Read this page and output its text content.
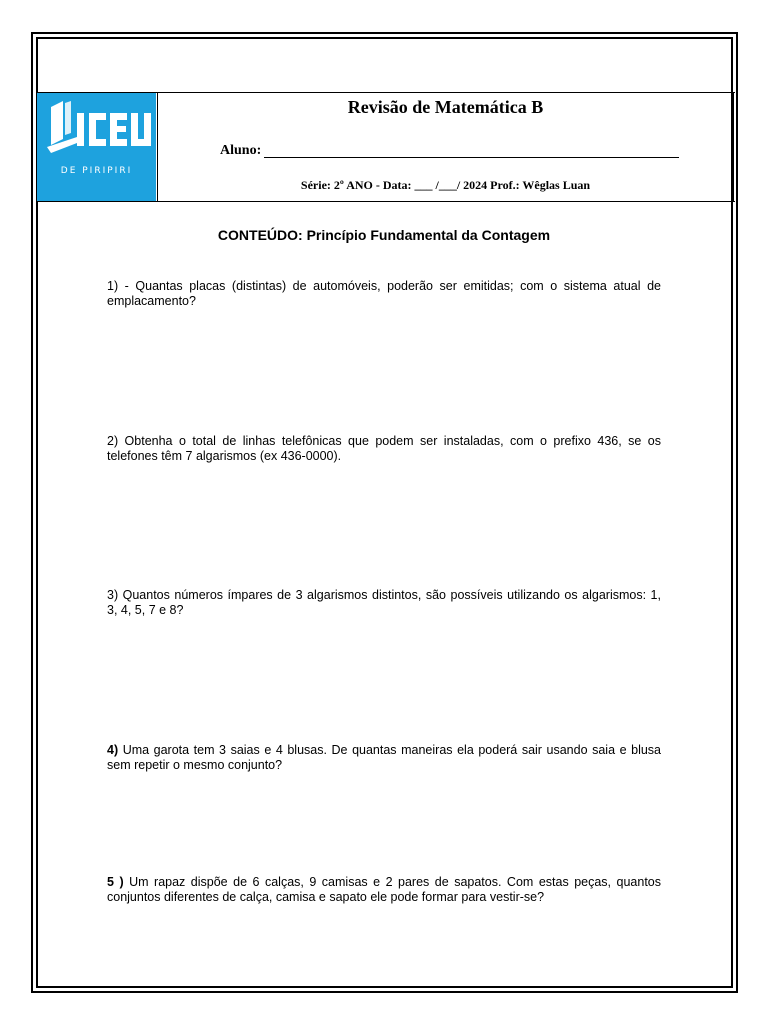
DE PIRIPIRI
Revisão de Matemática B
Aluno:
Série: 2º ANO - Data: ___ /___/ 2024 Prof.: Wêglas Luan
CONTEÚDO: Princípio Fundamental da Contagem
1) - Quantas placas (distintas) de automóveis, poderão ser emitidas; com o sistema atual de emplacamento?
2) Obtenha o total de linhas telefônicas que podem ser instaladas, com o prefixo 436, se os telefones têm 7 algarismos (ex 436-0000).
3) Quantos números ímpares de 3 algarismos distintos, são possíveis utilizando os algarismos: 1, 3, 4, 5, 7 e 8?
4) Uma garota tem 3 saias e 4 blusas. De quantas maneiras ela poderá sair usando saia e blusa sem repetir o mesmo conjunto?
5 ) Um rapaz dispõe de 6 calças, 9 camisas e 2 pares de sapatos. Com estas peças, quantos conjuntos diferentes de calça, camisa e sapato ele pode formar para vestir-se?
